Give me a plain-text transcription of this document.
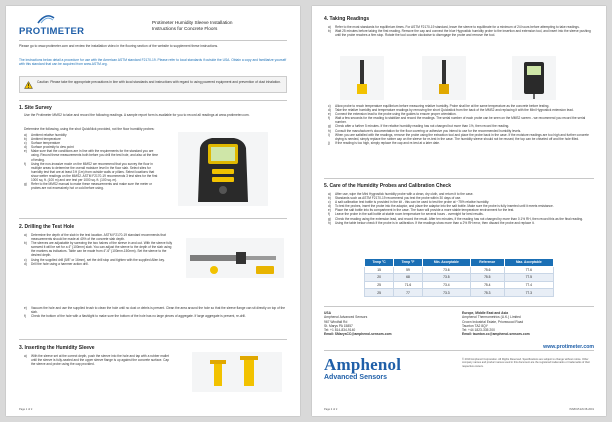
PROTIMETER
Protimeter Humidity Sleeve Installation
Instructions for Concrete Floors
Please go to www.protimeter.com and review the installation video in the flooring section of the website to supplement these instructions.
The instructions below detail a procedure for use with the American ASTM standard F2170-19. Please refer to local standards if outside the USA. Obtain a copy and familiarize yourself with this standard that can be acquired from www.ASTM.org.
Caution: Please take the appropriate precautions in line with local standards and instructions with regard to using powered equipment and prevention of dust inhalation.
1. Site Survey
Use the Protimeter MMS2 to take and record the following readings. A sample report form is available for you to record all readings at www.protimeter.com.
Determine the following, using the shot QuickNick provided, not the floor humidity probes:
a) Ambient relative humidity
b) Ambient temperature
c) Surface temperature
d) Surface proximity to dew point
e) Make sure that the conditions are in line with the requirements for the standard you are using. Record these measurements both before you drill the test hole, and also at the time of testing.
f) Using the non-invasive mode on the MMS2 we recommend that you survey the floor in multiple areas to determine the overall moisture level in the floor slab. Select sites for humidity test that are at least 3 ft (1m) from outside walls or pillars. Select locations that show wetter readings on the MMS2. ASTM F2170-19 recommends 3 test sites for the first 1000 sq. ft. (100 m) and one test per 1000 sq. ft. (100 sq. m).
g) Refer to the MMS2 manual to make these measurements and make sure the meter or probes are not excessively hot or cold before using.
2. Drilling the Test Hole
a) Determine the depth of the slab in the test location. ASTM F2170-19 standard recommends that measurements should be made at 40% of the concrete slab depth.
b) The sleeves are adjustable by screwing the two halves of the sleeve in and out. With the sleeve fully screwed it will be set for a 4" (100mm) slab. You can adjust the sleeve to the depth of the slab using the markers as indicators. Table can be made from 4"-6" (100mm-150mm). Set the sleeve to the desired depth.
c) Using the supplied drill (5/8" or 16mm), set the drill stop and tighten with the supplied Allen key.
d) Drill the hole using a hammer action drill.
e) Vacuum the hole and use the supplied brush to clean the hole until no dust or debris is present. Clean the area around the hole so that the sleeve flange can sit directly on top of the slab.
f) Check the bottom of the hole with a flashlight to make sure the bottom of the hole has no large pieces of aggregate. If large aggregate is present, re-drill.
3. Inserting the Humidity Sleeve
a) With the sleeve set at the correct depth, push the sleeve into the hole and tap with a rubber mallet until the sleeve is fully-seated and the upper sleeve flange is up against the concrete surface. Cap the sleeve and probe using the cap provided.
Page 1 of 2
4. Taking Readings
a) Refer to the most standards for equilibrium times. For ASTM F2170-19 standard, leave the sleeve to equilibrate for a minimum of 24 hours before attempting to take readings.
b) Wait 25 minutes before taking the first reading. Remove the cap and connect the blue Hygrostick humidity probe to the insertion and extension tool, and insert into the sleeve pushing until the probe reaches a firm stop. Rotate the tool counter clockwise to disengage the probe and remove the tool.
c) Allow probe to reach temperature equilibrium before measuring relative humidity. Probe shall be at the same temperature as the concrete before testing.
d) Take the relative humidity and temperature readings by removing the short Quickstick from the back of the MMS2 and replacing it with the Mini Hygrostick extension lead.
e) Connect the extension lead to the probe using the guides to ensure proper orientation.
f) Wait a few seconds for the reading to stabilize and record the readings. The serial number of each probe can be seen on the MMS2 screen - we recommend you record the serial number.
g) Check after a further 5 minutes. If the relative humidity reading has not changed but more than 1%, then record the reading.
h) Consult the manufacturer's documentation for the floor covering or adhesive you intend to use for the recommended humidity levels.
i) When you are satisfied with the readings, remove the probe using the extraction tool and place the probe back in the case. If the moisture readings are too high and further concrete drying is needed, simply replace the rubber cap on the sleeve for re-test in the case. The humidity sleeve should not be reused; the top can be chiseled off and the hole filled.
j) If the reading is too high, simply replace the cap and re-test at a later date.
5. Care of the Humidity Probes and Calibration Check
a) After use, wipe the Mini Hygrostick humidity probe with a clean, dry cloth, and return it to the case.
b) Standards such as ASTM F2170-19 recommend you test the probe within 30 days of use.
c) A salt calibration test bottle is provided in the kit - this can be used to test the probe at ~75% relative humidity.
d) To test the probes, insert the probe into the adaptor, and place the adaptor into the salt bottle. Make sure the probe is fully inserted until it meets resistance.
e) Place the salt bottle into its compartment in the case. The foam will provide a more stable temperature environment for the test.
f) Leave the probe in the salt bottle at stable room temperature for several hours - overnight for best results.
g) Check the reading using the extension lead, and record the result. After ten minutes, if the reading has not changed by more than 0.1% RH, then record this as the final reading.
h) Using the table below check if the probe is in calibration. If the readings show more than a 2% RH error, then discard the probe and replace it.
Temp °C	Temp °F	Min. Acceptable	Reference	Max. Acceptable
15	59	73.6	75.6	77.6
20	68	73.5	75.5	77.5
25	71.6	73.4	75.4	77.4
25	77	73.3	75.3	77.3
USA
Amphenol Advanced Sensors
967 Windfall Rd
St. Marys PA 15857
Tel: +1 814-834-9140
Email: SMarysCC@amphenol-sensors.com
Europe, Middle East and Asia
Amphenol Thermometrics (U.K.) Limited
Crown Industrial Estate, Priorswood Road
Taunton TA2 8QY
Tel: +44 1823-335 200
Email: taunton.cc@amphenol-sensors.com
www.protimeter.com
Amphenol
Advanced Sensors
© 2019 Amphenol Corporation. All Rights Reserved. Specifications are subject to change without notice. Other company names and product names used in this document are the registered trademarks or trademarks of their respective owners.
Page 2 of 2	INS8015 EN 08-2019
